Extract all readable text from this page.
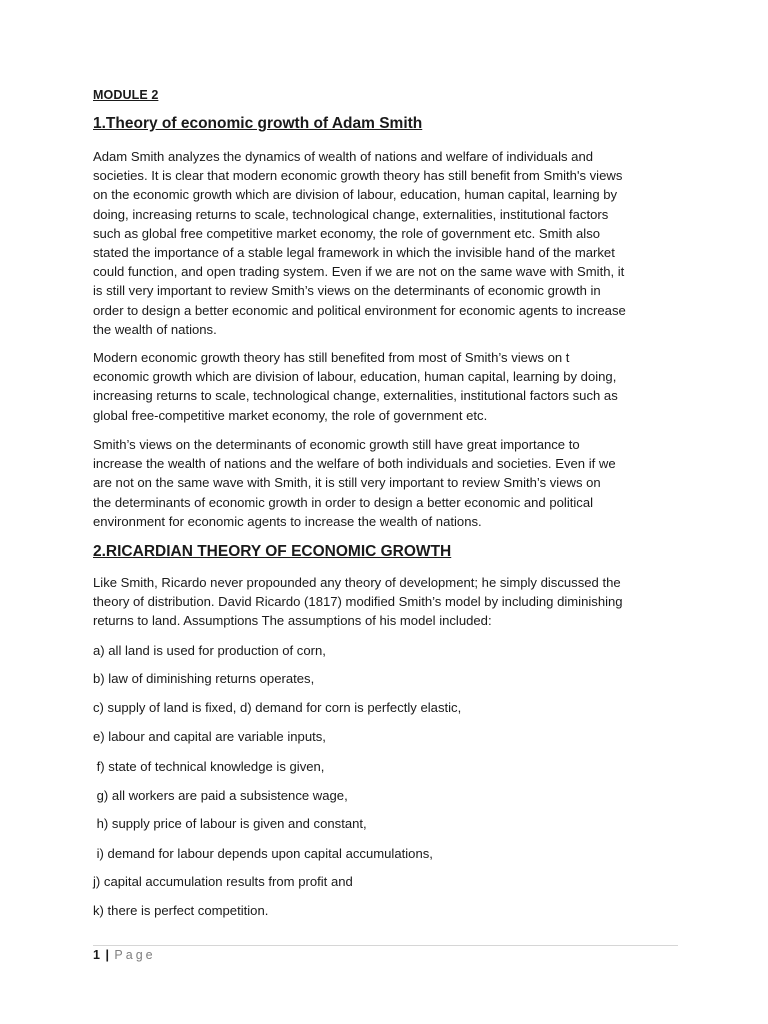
MODULE 2
1.Theory of economic growth of Adam Smith

Adam Smith analyzes the dynamics of wealth of nations and welfare of individuals and
societies. It is clear that modern economic growth theory has still benefit from Smith's views
on the economic growth which are division of labour, education, human capital, learning by
doing, increasing returns to scale, technological change, externalities, institutional factors
such as global free competitive market economy, the role of government etc. Smith also
stated the importance of a stable legal framework in which the invisible hand of the market
could function, and open trading system. Even if we are not on the same wave with Smith, it
is still very important to review Smith’s views on the determinants of economic growth in
order to design a better economic and political environment for economic agents to increase
the wealth of nations.

Modern economic growth theory has still benefited from most of Smith’s views on t
economic growth which are division of labour, education, human capital, learning by doing,
increasing returns to scale, technological change, externalities, institutional factors such as
global free-competitive market economy, the role of government etc.

Smith’s views on the determinants of economic growth still have great importance to
increase the wealth of nations and the welfare of both individuals and societies. Even if we
are not on the same wave with Smith, it is still very important to review Smith’s views on
the determinants of economic growth in order to design a better economic and political
environment for economic agents to increase the wealth of nations.

2.RICARDIAN THEORY OF ECONOMIC GROWTH

Like Smith, Ricardo never propounded any theory of development; he simply discussed the
theory of distribution. David Ricardo (1817) modified Smith’s model by including diminishing
returns to land. Assumptions The assumptions of his model included:

a) all land is used for production of corn,
b) law of diminishing returns operates,
c) supply of land is fixed, d) demand for corn is perfectly elastic,
e) labour and capital are variable inputs,
f) state of technical knowledge is given,
g) all workers are paid a subsistence wage,
h) supply price of labour is given and constant,
i) demand for labour depends upon capital accumulations,
j) capital accumulation results from profit and
k) there is perfect competition.
1 | Page
